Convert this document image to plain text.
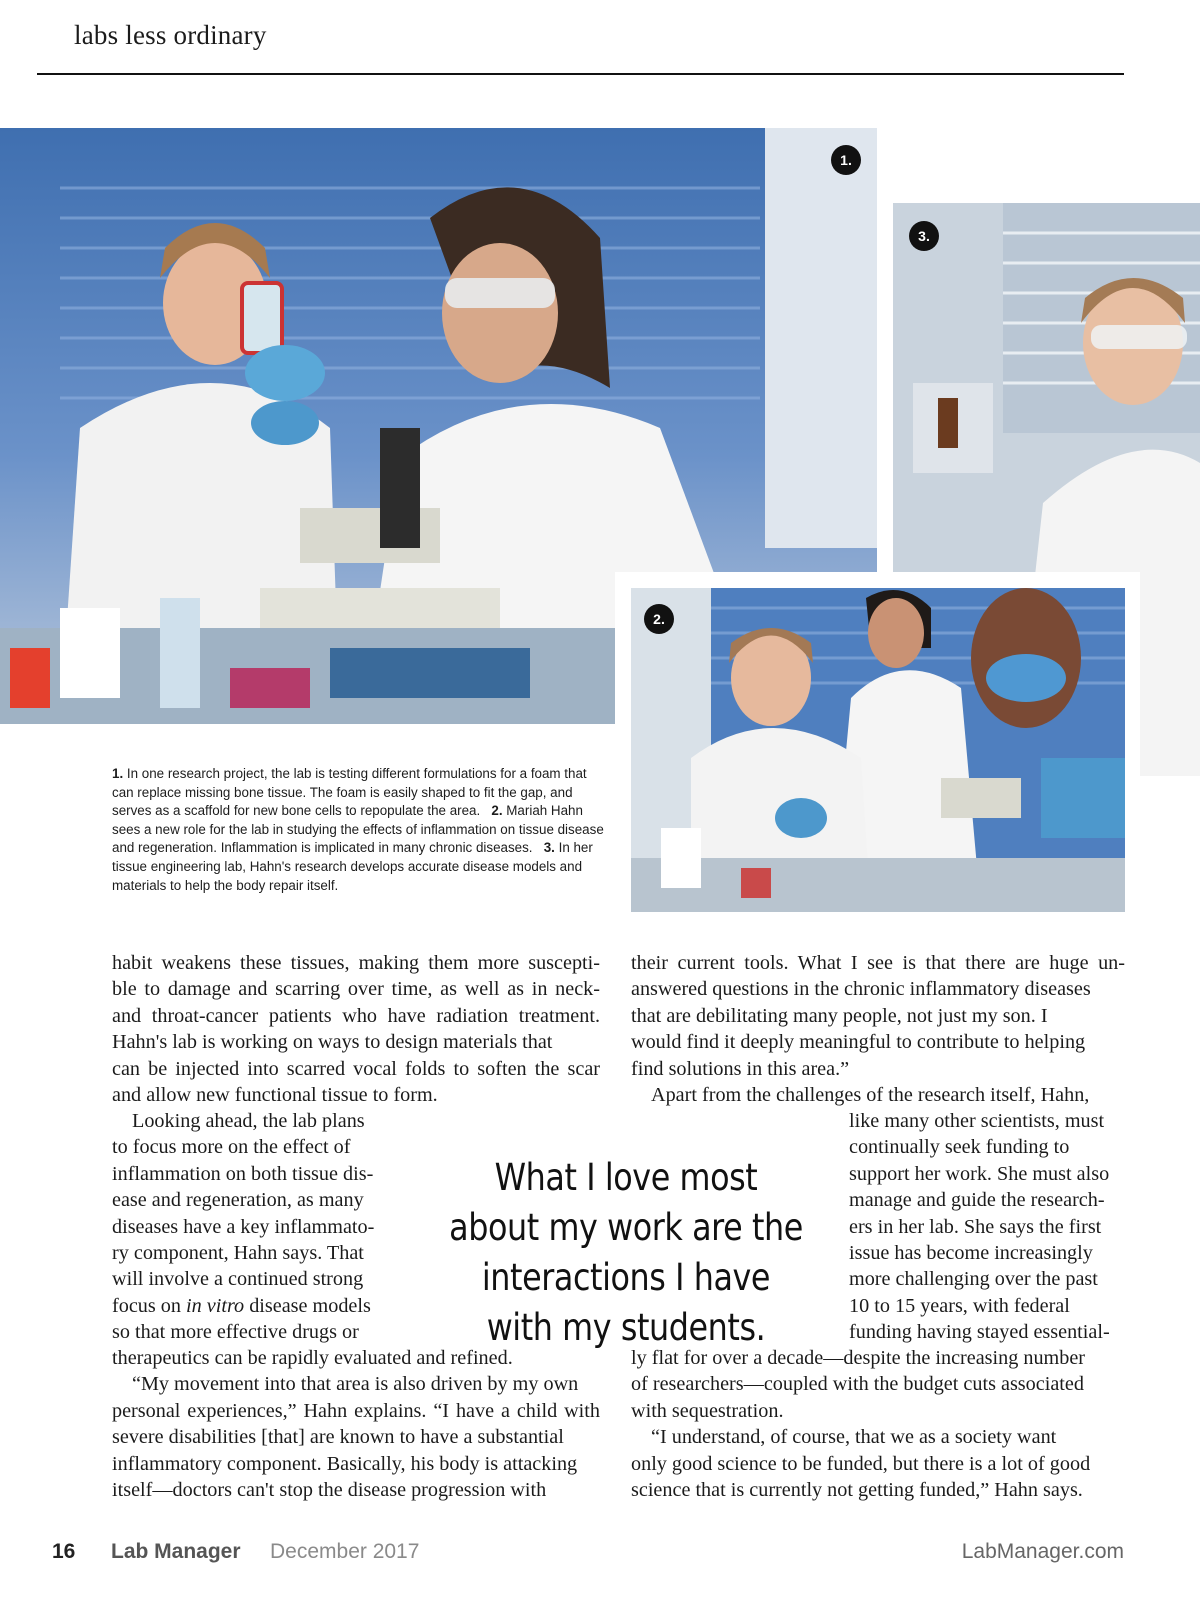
labs less ordinary
1.
3.
2.
1. In one research project, the lab is testing different formulations for a foam that can replace missing bone tissue. The foam is easily shaped to fit the gap, and serves as a scaffold for new bone cells to repopulate the area. 2. Mariah Hahn sees a new role for the lab in studying the effects of inflammation on tissue disease and regeneration. Inflammation is implicated in many chronic diseases. 3. In her tissue engineering lab, Hahn's research develops accurate disease models and materials to help the body repair itself.
habit weakens these tissues, making them more suscepti-
ble to damage and scarring over time, as well as in neck-
and throat-cancer patients who have radiation treatment.
Hahn's lab is working on ways to design materials that
can be injected into scarred vocal folds to soften the scar
and allow new functional tissue to form.
Looking ahead, the lab plans
to focus more on the effect of
inflammation on both tissue dis-
ease and regeneration, as many
diseases have a key inflammato-
ry component, Hahn says. That
will involve a continued strong
focus on in vitro disease models
so that more effective drugs or
therapeutics can be rapidly evaluated and refined.
“My movement into that area is also driven by my own
personal experiences,” Hahn explains. “I have a child with
severe disabilities [that] are known to have a substantial
inflammatory component. Basically, his body is attacking
itself—doctors can't stop the disease progression with
What I love most about my work are the interactions I have with my students.
their current tools. What I see is that there are huge un-
answered questions in the chronic inflammatory diseases
that are debilitating many people, not just my son. I
would find it deeply meaningful to contribute to helping
find solutions in this area.”
Apart from the challenges of the research itself, Hahn,
like many other scientists, must
continually seek funding to
support her work. She must also
manage and guide the research-
ers in her lab. She says the first
issue has become increasingly
more challenging over the past
10 to 15 years, with federal
funding having stayed essential-
ly flat for over a decade—despite the increasing number
of researchers—coupled with the budget cuts associated
with sequestration.
“I understand, of course, that we as a society want
only good science to be funded, but there is a lot of good
science that is currently not getting funded,” Hahn says.
16 Lab Manager December 2017	LabManager.com
